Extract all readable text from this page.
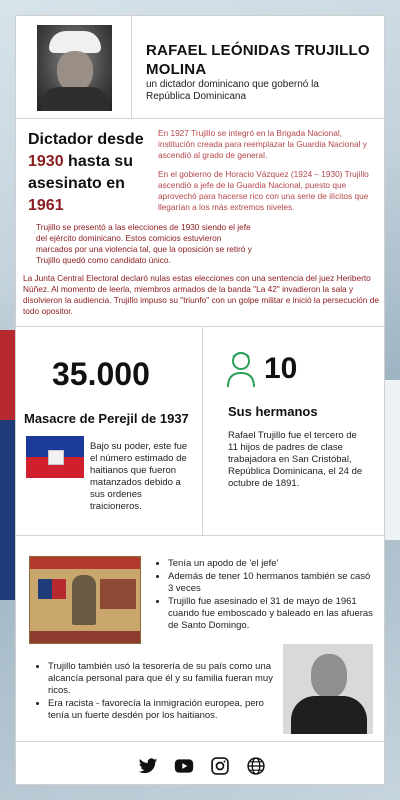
RAFAEL LEÓNIDAS TRUJILLO MOLINA
un dictador dominicano que gobernó la República Dominicana
Dictador desde
1930 hasta su asesinato en 1961
En 1927 Trujillo se integró en la Brigada Nacional, institución creada para reemplazar la Guardia Nacional y ascendió al grado de general.
En el gobierno de Horacio Vázquez (1924 – 1930) Trujillo ascendió a jefe de la Guardia Nacional, puesto que aprovechó para hacerse rico con una serie de ilícitos que llegarían a los más extremos niveles.
Trujillo se presentó a las elecciones de 1930 siendo el jefe del ejército dominicano. Estos comicios estuvieron marcados por una violencia tal, que la oposición se retiró y Trujillo quedó como candidato único.
La Junta Central Electoral declaró nulas estas elecciones con una sentencia del juez Heriberto Núñez. Al momento de leerla, miembros armados de la banda "La 42" invadieron la sala y disolvieron la audiencia. Trujillo impuso su "triunfo" con un golpe militar e inició la persecución de todo opositor.
35.000
Masacre de Perejil de 1937
Bajo su poder, este fue el número estimado de haitianos que fueron matanzados debido a sus ordenes traicioneros.
10
Sus hermanos
Rafael Trujillo fue el tercero de 11 hijos de padres de clase trabajadora en San Cristóbal, República Dominicana, el 24 de octubre de 1891.
• Tenía un apodo de 'el jefe'
• Además de tener 10 hermanos también se casó 3 veces
• Trujillo fue asesinado el 31 de mayo de 1961 cuando fue emboscado y baleado en las afueras de Santo Domingo.
• Trujillo también usó la tesorería de su país como una alcancía personal para que él y su familia fueran muy ricos.
• Era racista - favorecía la inmigración europea, pero tenía un fuerte desdén por los haitianos.
